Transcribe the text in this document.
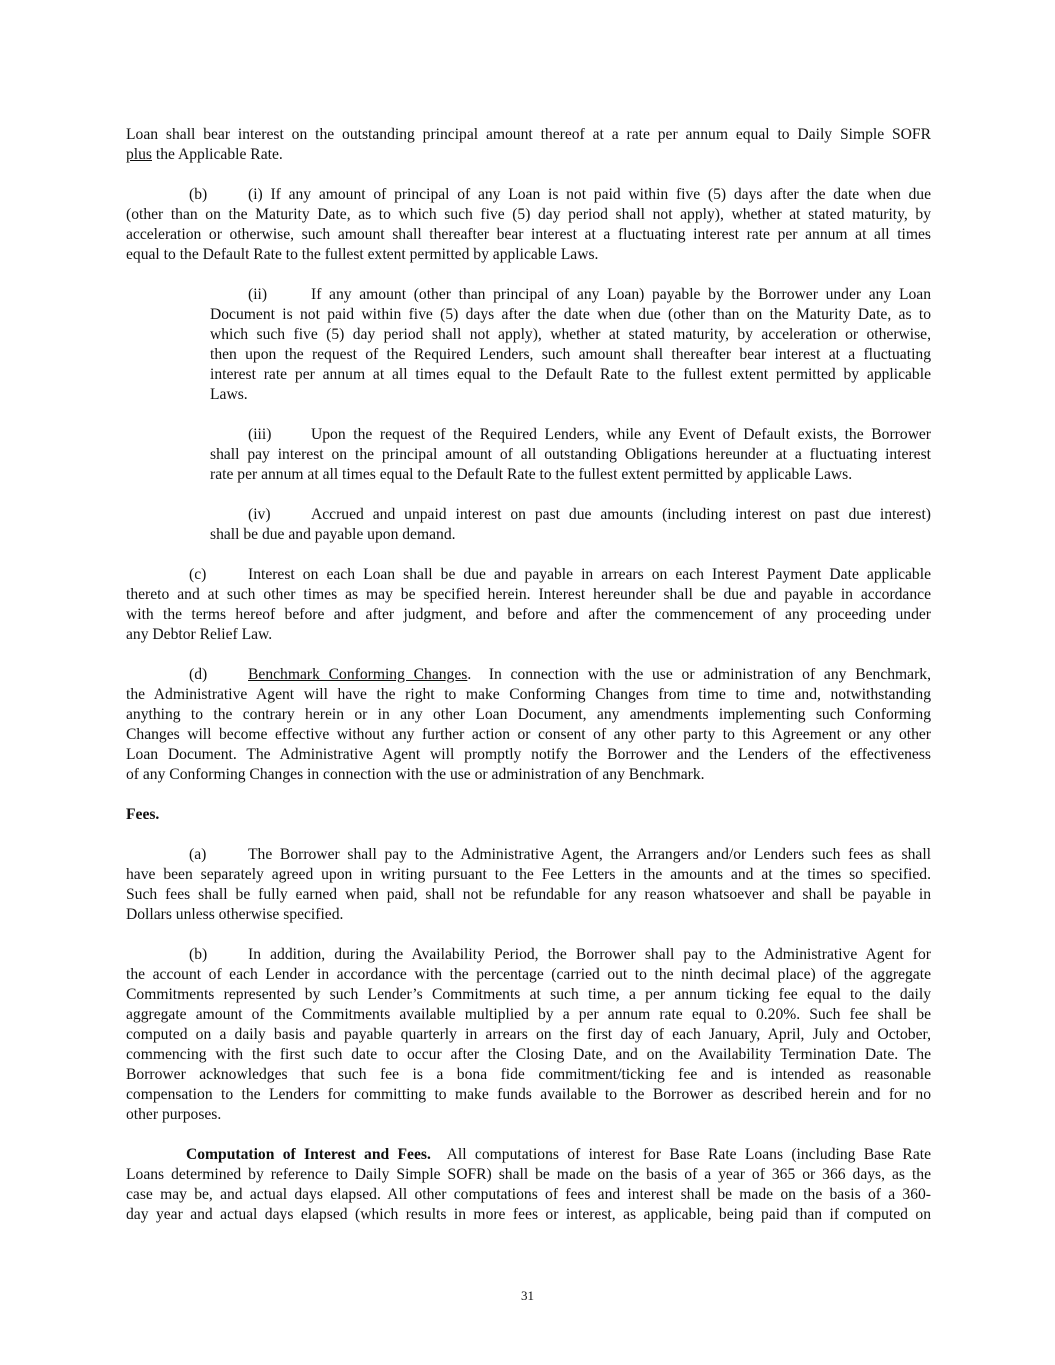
Loan shall bear interest on the outstanding principal amount thereof at a rate per annum equal to Daily Simple SOFR
plus the Applicable Rate.
(b)	(i) If any amount of principal of any Loan is not paid within five (5) days after the date when due
(other than on the Maturity Date, as to which such five (5) day period shall not apply), whether at stated maturity, by
acceleration or otherwise, such amount shall thereafter bear interest at a fluctuating interest rate per annum at all times
equal to the Default Rate to the fullest extent permitted by applicable Laws.
(ii)	If any amount (other than principal of any Loan) payable by the Borrower under any Loan
Document is not paid within five (5) days after the date when due (other than on the Maturity Date, as to
which such five (5) day period shall not apply), whether at stated maturity, by acceleration or otherwise,
then upon the request of the Required Lenders, such amount shall thereafter bear interest at a fluctuating
interest rate per annum at all times equal to the Default Rate to the fullest extent permitted by applicable
Laws.
(iii)	Upon the request of the Required Lenders, while any Event of Default exists, the Borrower
shall pay interest on the principal amount of all outstanding Obligations hereunder at a fluctuating interest
rate per annum at all times equal to the Default Rate to the fullest extent permitted by applicable Laws.
(iv)	Accrued and unpaid interest on past due amounts (including interest on past due interest)
shall be due and payable upon demand.
(c)	Interest on each Loan shall be due and payable in arrears on each Interest Payment Date applicable
thereto and at such other times as may be specified herein. Interest hereunder shall be due and payable in accordance
with the terms hereof before and after judgment, and before and after the commencement of any proceeding under
any Debtor Relief Law.
(d)	Benchmark Conforming Changes.  In connection with the use or administration of any Benchmark,
the Administrative Agent will have the right to make Conforming Changes from time to time and, notwithstanding
anything to the contrary herein or in any other Loan Document, any amendments implementing such Conforming
Changes will become effective without any further action or consent of any other party to this Agreement or any other
Loan Document. The Administrative Agent will promptly notify the Borrower and the Lenders of the effectiveness
of any Conforming Changes in connection with the use or administration of any Benchmark.
Fees.
(a)	The Borrower shall pay to the Administrative Agent, the Arrangers and/or Lenders such fees as shall
have been separately agreed upon in writing pursuant to the Fee Letters in the amounts and at the times so specified.
Such fees shall be fully earned when paid, shall not be refundable for any reason whatsoever and shall be payable in
Dollars unless otherwise specified.
(b)	In addition, during the Availability Period, the Borrower shall pay to the Administrative Agent for
the account of each Lender in accordance with the percentage (carried out to the ninth decimal place) of the aggregate
Commitments represented by such Lender’s Commitments at such time, a per annum ticking fee equal to the daily
aggregate amount of the Commitments available multiplied by a per annum rate equal to 0.20%. Such fee shall be
computed on a daily basis and payable quarterly in arrears on the first day of each January, April, July and October,
commencing with the first such date to occur after the Closing Date, and on the Availability Termination Date. The
Borrower acknowledges that such fee is a bona fide commitment/ticking fee and is intended as reasonable
compensation to the Lenders for committing to make funds available to the Borrower as described herein and for no
other purposes.
Computation of Interest and Fees.  All computations of interest for Base Rate Loans (including Base Rate
Loans determined by reference to Daily Simple SOFR) shall be made on the basis of a year of 365 or 366 days, as the
case may be, and actual days elapsed. All other computations of fees and interest shall be made on the basis of a 360-
day year and actual days elapsed (which results in more fees or interest, as applicable, being paid than if computed on
31
